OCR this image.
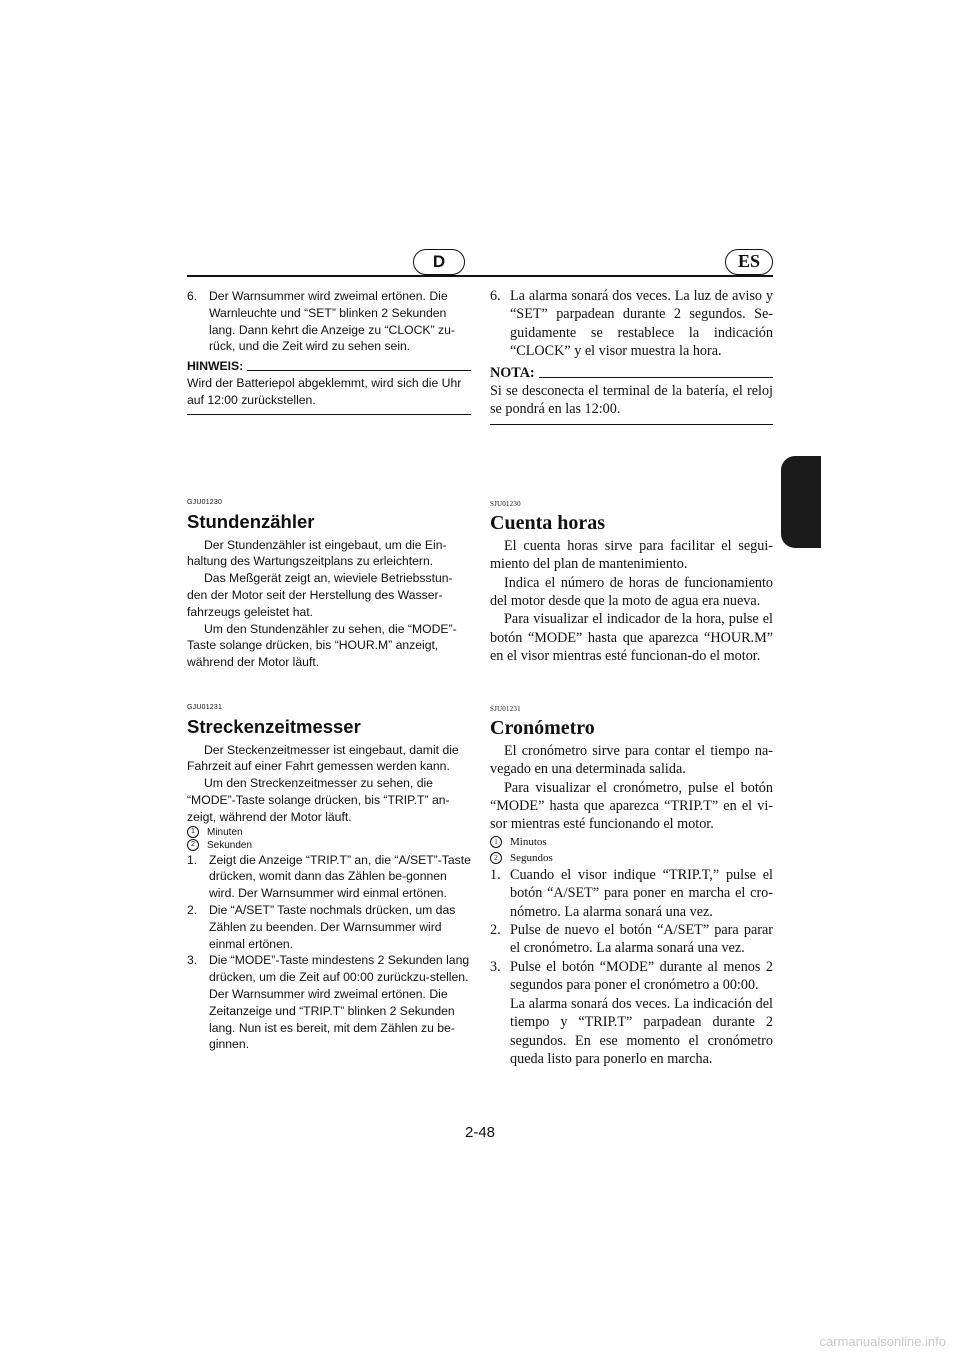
D	ES
6. Der Warnsummer wird zweimal ertönen. Die Warnleuchte und “SET” blinken 2 Sekunden lang. Dann kehrt die Anzeige zu “CLOCK” zu-rück, und die Zeit wird zu sehen sein.
HINWEIS:
Wird der Batteriepol abgeklemmt, wird sich die Uhr auf 12:00 zurückstellen.
GJU01230
Stundenzähler

Der Stundenzähler ist eingebaut, um die Ein-haltung des Wartungszeitplans zu erleichtern.

Das Meßgerät zeigt an, wieviele Betriebsstun-den der Motor seit der Herstellung des Wasser-fahrzeugs geleistet hat.

Um den Stundenzähler zu sehen, die “MODE”-Taste solange drücken, bis “HOUR.M” anzeigt, während der Motor läuft.

GJU01231
Streckenzeitmesser

Der Steckenzeitmesser ist eingebaut, damit die Fahrzeit auf einer Fahrt gemessen werden kann.

Um den Streckenzeitmesser zu sehen, die “MODE”-Taste solange drücken, bis “TRIP.T” an-zeigt, während der Motor läuft.

1	Minuten
2	Sekunden
1. Zeigt die Anzeige “TRIP.T” an, die “A/SET”-Taste drücken, womit dann das Zählen be-gonnen wird. Der Warnsummer wird einmal ertönen.
2. Die “A/SET” Taste nochmals drücken, um das Zählen zu beenden. Der Warnsummer wird einmal ertönen.
3. Die “MODE”-Taste mindestens 2 Sekunden lang drücken, um die Zeit auf 00:00 zurückzu-stellen.
Der Warnsummer wird zweimal ertönen. Die Zeitanzeige und “TRIP.T” blinken 2 Sekunden lang. Nun ist es bereit, mit dem Zählen zu be-ginnen.
6. La alarma sonará dos veces. La luz de aviso y “SET” parpadean durante 2 segundos. Se-guidamente se restablece la indicación “CLOCK” y el visor muestra la hora.
NOTA:
Si se desconecta el terminal de la batería, el reloj se pondrá en las 12:00.
SJU01230
Cuenta horas

El cuenta horas sirve para facilitar el segui-miento del plan de mantenimiento.

Indica el número de horas de funcionamiento del motor desde que la moto de agua era nueva.

Para visualizar el indicador de la hora, pulse el botón “MODE” hasta que aparezca “HOUR.M” en el visor mientras esté funcionan-do el motor.

SJU01231
Cronómetro

El cronómetro sirve para contar el tiempo na-vegado en una determinada salida.

Para visualizar el cronómetro, pulse el botón “MODE” hasta que aparezca “TRIP.T” en el vi-sor mientras esté funcionando el motor.

1	Minutos
2	Segundos
1. Cuando el visor indique “TRIP.T,” pulse el botón “A/SET” para poner en marcha el cro-nómetro. La alarma sonará una vez.
2. Pulse de nuevo el botón “A/SET” para parar el cronómetro. La alarma sonará una vez.
3. Pulse el botón “MODE” durante al menos 2 segundos para poner el cronómetro a 00:00.
La alarma sonará dos veces. La indicación del tiempo y “TRIP.T” parpadean durante 2 segundos. En ese momento el cronómetro queda listo para ponerlo en marcha.
2-48
carmanualsonline.info
